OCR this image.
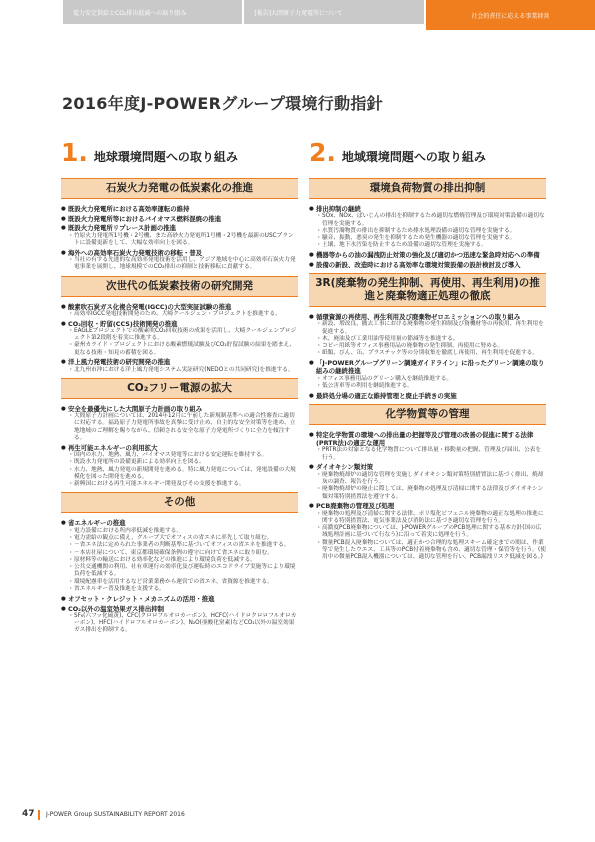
電力安定供給とCO₂排出低減への取り組み	[報告]大間原子力発電所について	社会的責任に応える事業経営
2016年度J-POWERグループ環境行動指針
1. 地球環境問題への取り組み
石炭火力発電の低炭素化の推進
● 既設火力発電所における高効率運転の維持
● 既設火力発電所等におけるバイオマス燃料混焼の推進
● 既設火力発電所リプレース計画の推進
・ 竹原火力発電所1号機・2号機、また高砂火力発電所1号機・2号機を最新のUSCプラントに設備更新をして、大幅な効率向上を図る。
● 海外への高効率石炭火力発電技術の移転・普及
・ 当社の有する先進的な高効率発電技術を活用し、アジア地域を中心に高効率石炭火力発電事業を展開し、地球規模でのCO₂排出の抑制と技術移転に貢献する。
次世代の低炭素技術の研究開発
● 酸素吹石炭ガス化複合発電(IGCC)の大型実証試験の推進
・ 高効率IGCC発電技術開発のため、大崎クールジェン・プロジェクトを推進する。
● CO₂回収・貯留(CCS)技術開発の推進
・ EAGLEプロジェクトでの酸素吹CO₂回収技術の成果を活用し、大崎クールジェンプロジェクト第2段階を着実に推進する。
・ 豪州カライド・プロジェクトにおける酸素燃焼試験及びCO₂貯留試験の結果を踏まえ、更なる技術・知見の蓄積を図る。
● 洋上風力発電技術の研究開発の推進
・ 北九州市沖における洋上風力発電システム実証研究(NEDOとの共同研究)を推進する。
CO₂フリー電源の拡大
● 安全を最優先にした大間原子力計画の取り組み
・ 大間原子力計画については、2014年12月に午前した新規制基準への適合性審査に適切に対応する。福島原子力発電所事故を真摯に受け止め、自主的な安全対策等を進め、立地地域のご理解を賜りながら、信頼される安全な原子力発電所づくりに全力を傾注する。
● 再生可能エネルギーの利用拡大
・ 国内の水力、地熱、風力、バイオマス発電等における安定運転を維持する。
・ 既設水力発電所の設備更新による効率向上を図る。
・ 水力、地熱、風力発電の新規開発を進める。特に風力発電については、発電設備の大規模化を図った開発を進める。
・ 新興国における再生可能エネルギー開発及びその支援を推進する。
その他
● 省エネルギーの推進
・ 電力設備における所内率低減を推進する。
・ 電力需給の観点に備え、グループ大でオフィスの省エネに率先して取り組む。
・ －省エネ法に定められた事業者の判断基準に基づいてオフィスの省エネを推進する。
・ －本店社屋について、東京都環境確保条例の遵守に向けて省エネに取り組む。
・ 原材料等の輸送における効率化などの推進により環境負荷を低減する。
・ 公共交通機関の利用、社有車運行の効率化及び運転時のエコドライブ実施等により環境負荷を低減する。
・ 環境配慮車を活用するなど営業業務から運営での省エネ、省資源を推進する。
・ 省エネルギー普及推進を支援する。
● オフセット・クレジット・メカニズムの活用・推進
● CO₂以外の温室効果ガス排出抑制
・ SF₆(六フッ化硫黄)、CFC(クロロフルオロカーボン)、HCFC(ハイドロクロロフルオロカーボン)、HFC(ハイドロフルオロカーボン)、N₂O(亜酸化窒素)などCO₂以外の温室効果ガス排出を抑制する。
2. 地域環境問題への取り組み
環境負荷物質の排出抑制
● 排出抑制の継続
・ SOx、NOx、ばいじんの排出を抑制するため適切な燃焼管理及び環境対策設備の適切な管理を実施する。
・ 水質汚濁物質の排出を抑制するため排水処理設備の適切な管理を実施する。
・ 騒音、振動、悪臭の発生を抑制するため発生機器の適切な管理を実施する。
・ 土壌、地下水汚染を防止するため設備の適切な管理を実施する。
● 機器等からの油の漏洩防止対策の強化及び適切かつ迅速な緊急時対応への準備
● 設備の新設、改造時における高効率な環境対策設備の設計検討及び導入
3R(廃棄物の発生抑制、再使用、再生利用)の推進と廃棄物適正処理の徹底
● 循環資源の再使用、再生利用及び廃棄物ゼロエミッションへの取り組み
・ 新設、増改良、撤去工事における廃棄物の発生抑制及び資機材等の再使用、再生利用を促進する。
・ 木、廃油及び工業用油等使用量の節減等を推進する。
・ コピー用紙等オフィス事務用品の廃棄物の発生抑制、再使用に努める。
・ 紙類、びん、缶、プラスチック等の分別収集を徹底し再使用、再生利用を促進する。
● 「J-POWERグループグリーン調達ガイドライン」に沿ったグリーン調達の取り組みの継続推進
・ オフィス事務用品のグリーン購入を継続推進する。
・ 低公害車等の利用を継続推進する。
● 最終処分場の適正な維持管理と廃止手続きの実施
化学物質等の管理
● 特定化学物質の環境への排出量の把握等及び管理の改善の促進に関する法律(PRTR法)の適正な運用
・ PRTR法の対象となる化学物質について排出量・移動量の把握、管理及び届出、公表を行う。
● ダイオキシン類対策
・ 廃棄物焼却炉の適切な管理を実施しダイオキシン類対策特別措置法に基づく排出、焼却灰の調査、報告を行う。
・ 廃棄物焼却炉の廃止に際しては、廃棄物の処理及び清掃に関する法律及びダイオキシン類対策特別措置法を遵守する。
● PCB廃棄物の管理及び処理
・ 廃棄物の処理及び清掃に関する法律、ポリ塩化ビフェニル廃棄物の適正な処理の推進に関する特別措置法、電気事業法及び消防法に基づき適切な管理を行う。
・ 高濃度PCB廃棄物については、J-POWERグループのPCB処理に関する基本方針(国の広域処理計画に基づいて行なう)に沿って着実に処理を行う。
・ 微量PCB混入廃棄物については、適正かつ合理的な処理スキーム確定までの間は、作業等で発生したウエス、工具等のPCB付着廃棄物も含め、適切な管理・保管等を行う。(使用中の微量PCB混入機器については、適切な管理を行い、PCB漏洩リスク低減を図る。)
47 J-POWER Group SUSTAINABILITY REPORT 2016
